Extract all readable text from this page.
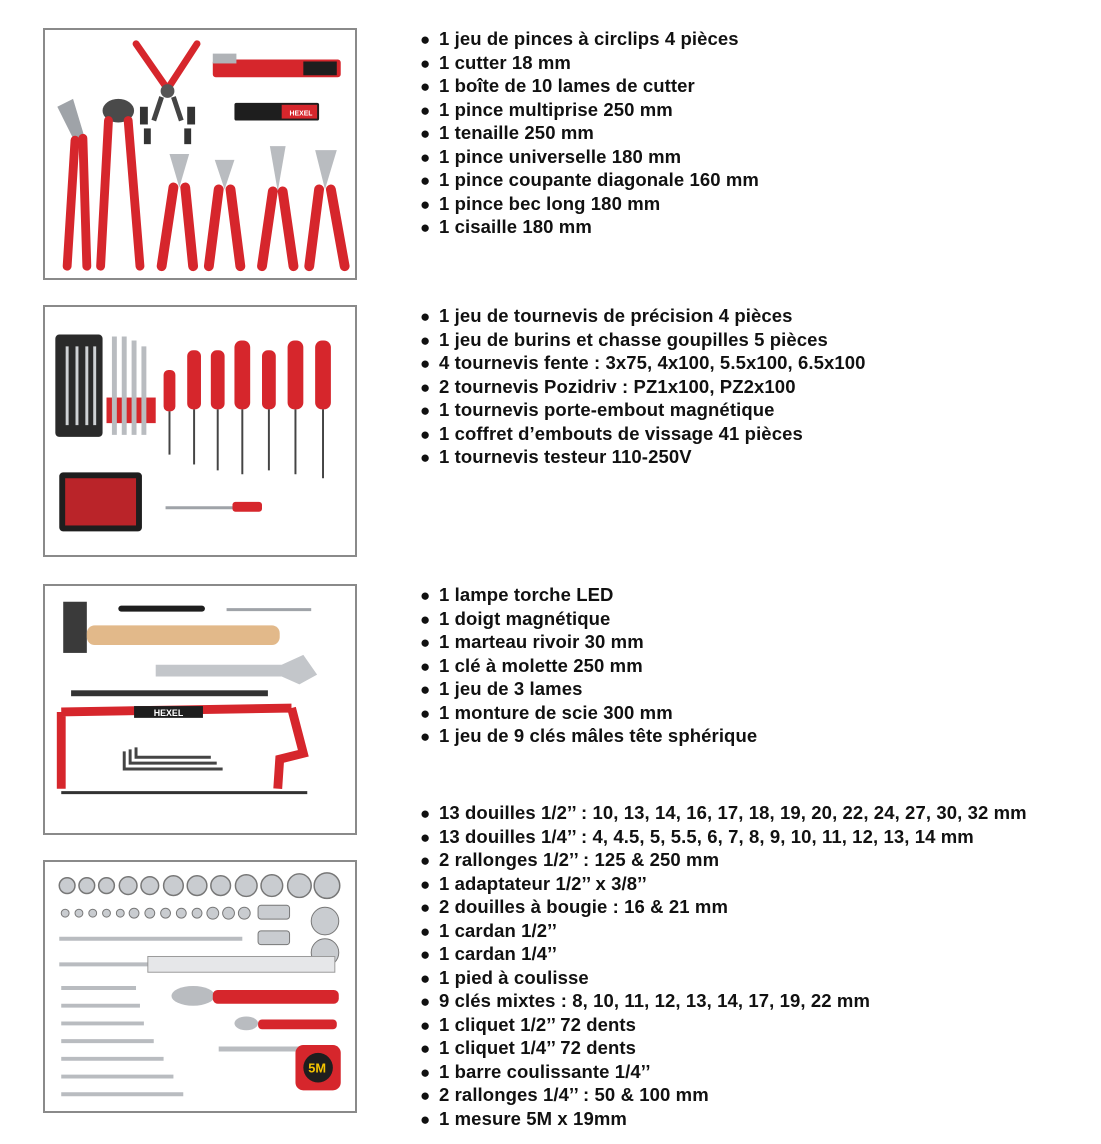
HEXEL
HEXEL
5M
● 1 jeu de pinces à circlips 4 pièces
● 1 cutter 18 mm
● 1 boîte de 10 lames de cutter
● 1 pince multiprise 250 mm
● 1 tenaille 250 mm
● 1 pince universelle 180 mm
● 1 pince coupante diagonale 160 mm
● 1 pince bec long 180 mm
● 1 cisaille 180 mm
● 1 jeu de tournevis de précision 4 pièces
● 1 jeu de burins et chasse goupilles 5 pièces
● 4 tournevis fente : 3x75, 4x100, 5.5x100, 6.5x100
● 2 tournevis Pozidriv : PZ1x100, PZ2x100
● 1 tournevis porte-embout magnétique
● 1 coffret d’embouts de vissage 41 pièces
● 1 tournevis testeur 110-250V
● 1 lampe torche LED
● 1 doigt magnétique
● 1 marteau rivoir 30 mm
● 1 clé à molette 250 mm
● 1 jeu de 3 lames
● 1 monture de scie 300 mm
● 1 jeu de 9 clés mâles tête sphérique
● 13 douilles 1/2’’ : 10, 13, 14, 16, 17, 18, 19, 20, 22, 24, 27, 30, 32 mm
● 13 douilles 1/4’’ : 4, 4.5, 5, 5.5, 6, 7, 8, 9, 10, 11, 12, 13, 14 mm
● 2 rallonges 1/2’’ : 125 & 250 mm
● 1 adaptateur 1/2’’ x 3/8’’
● 2 douilles à bougie : 16 & 21 mm
● 1 cardan 1/2’’
● 1 cardan 1/4’’
● 1 pied à coulisse
● 9 clés mixtes : 8, 10, 11, 12, 13, 14, 17, 19, 22 mm
● 1 cliquet 1/2’’ 72 dents
● 1 cliquet 1/4’’ 72 dents
● 1 barre coulissante 1/4’’
● 2 rallonges 1/4’’ : 50 & 100 mm
● 1 mesure 5M x 19mm
